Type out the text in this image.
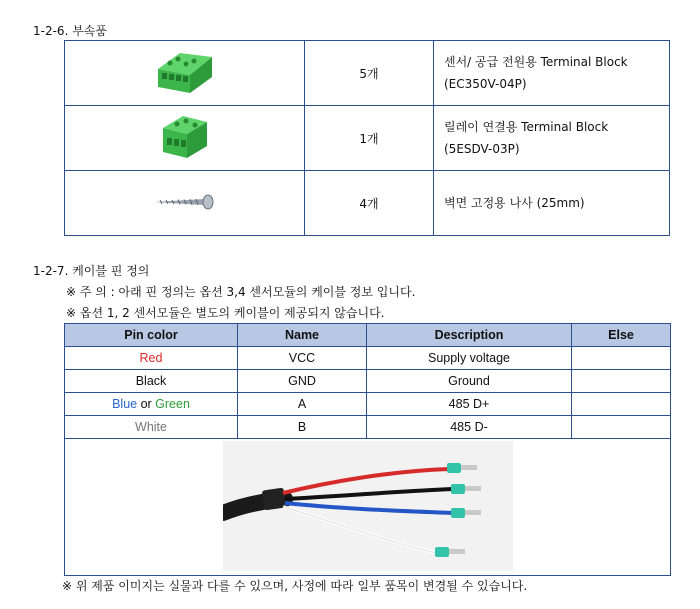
1-2-6. 부속품
	5개	센서/ 공급 전원용 Terminal Block
(EC350V-04P)

	1개	릴레이 연결용 Terminal Block
(5ESDV-03P)

	4개	벽면 고정용 나사 (25mm)
1-2-7. 케이블 핀 정의
※ 주 의 : 아래 핀 정의는 옵션 3,4 센서모듈의 케이블 정보 입니다.
※ 옵션 1, 2 센서모듈은 별도의 케이블이 제공되지 않습니다.
Pin color	Name	Description	Else
Red	VCC	Supply voltage	
Black	GND	Ground	
Blue or Green	A	485 D+	
White	B	485 D-	

※ 위 제품 이미지는 실물과 다를 수 있으며, 사정에 따라 일부 품목이 변경될 수 있습니다.
